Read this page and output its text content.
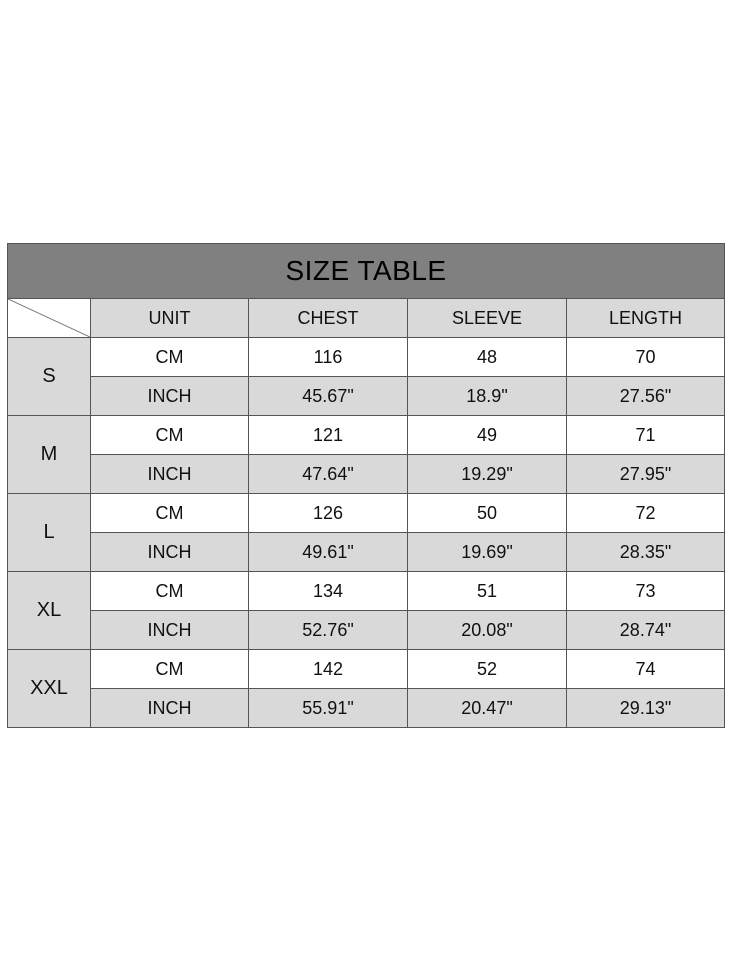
SIZE TABLE				

	UNIT	CHEST	SLEEVE	LENGTH
S	CM	116	48	70
	INCH	45.67"	18.9"	27.56"
M	CM	121	49	71
	INCH	47.64"	19.29"	27.95"
L	CM	126	50	72
	INCH	49.61"	19.69"	28.35"
XL	CM	134	51	73
	INCH	52.76"	20.08"	28.74"
XXL	CM	142	52	74
	INCH	55.91"	20.47"	29.13"
